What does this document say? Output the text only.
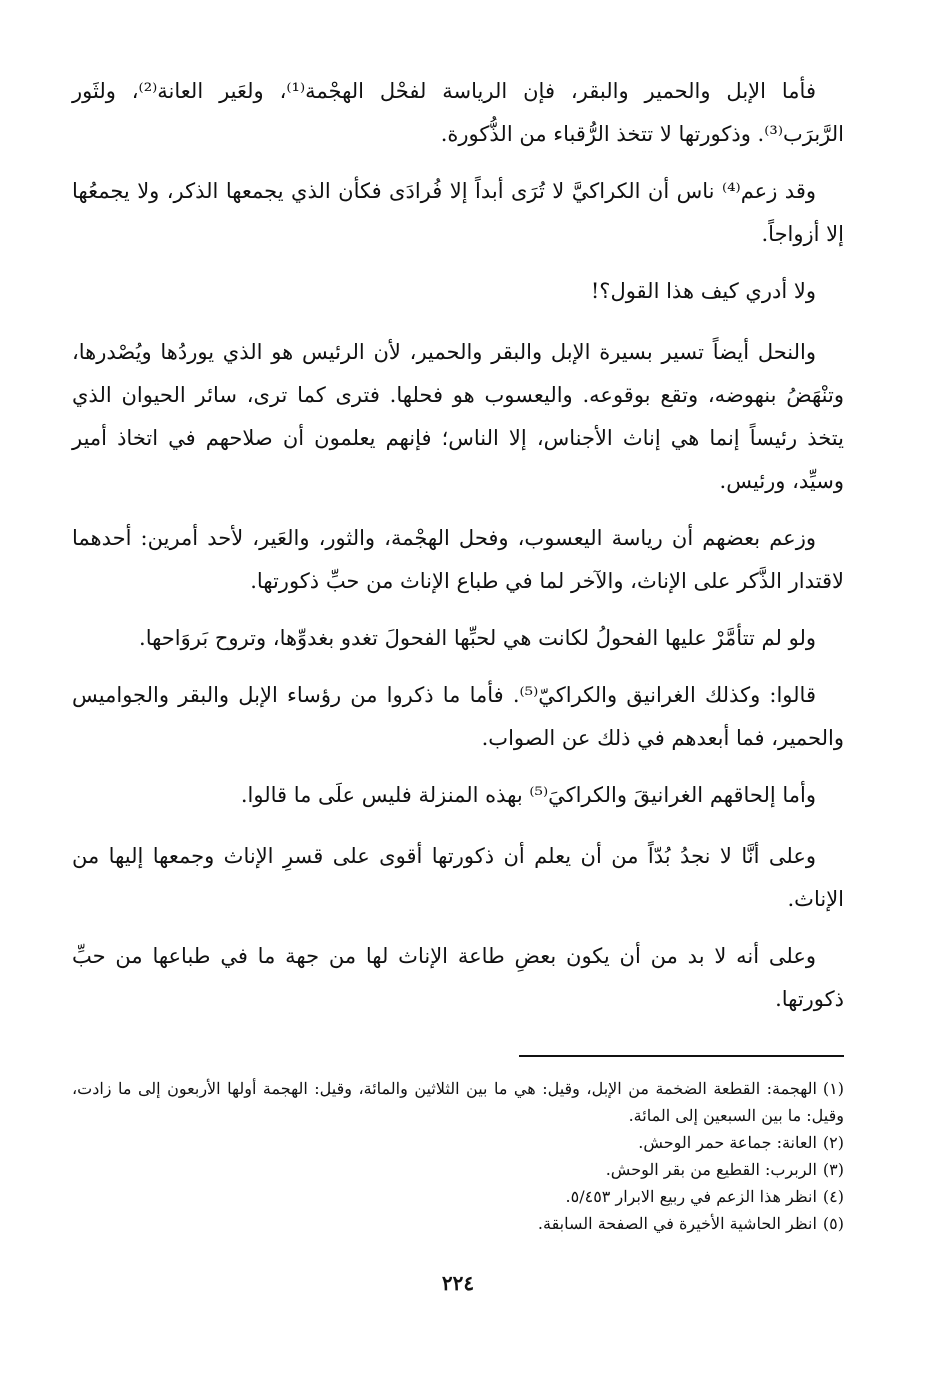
فأما الإبل والحمير والبقر، فإن الرياسة لفحْل الهجْمة⁽¹⁾، ولعَير العانة⁽²⁾، ولثَور الرَّبرَب⁽³⁾. وذكورتها لا تتخذ الرُّقباء من الذُّكورة.

وقد زعم⁽⁴⁾ ناس أن الكراكيَّ لا تُرَى أبداً إلا فُرادَى فكأن الذي يجمعها الذكر، ولا يجمعُها إلا أزواجاً.

ولا أدري كيف هذا القول؟!

والنحل أيضاً تسير بسيرة الإبل والبقر والحمير، لأن الرئيس هو الذي يوردُها ويُصْدرها، وتنْهَضُ بنهوضه، وتقع بوقوعه. واليعسوب هو فحلها. فترى كما ترى، سائر الحيوان الذي يتخذ رئيساً إنما هي إناث الأجناس، إلا الناس؛ فإنهم يعلمون أن صلاحهم في اتخاذ أمير وسيِّد، ورئيس.

وزعم بعضهم أن رياسة اليعسوب، وفحل الهجْمة، والثور، والعَير، لأحد أمرين: أحدهما لاقتدار الذَّكر على الإناث، والآخر لما في طباع الإناث من حبِّ ذكورتها.

ولو لم تتأمَّرْ عليها الفحولُ لكانت هي لحبِّها الفحولَ تغدو بغدوِّها، وتروح بَروَاحها.

قالوا: وكذلك الغرانيق والكراكيّ⁽⁵⁾. فأما ما ذكروا من رؤساء الإبل والبقر والجواميس والحمير، فما أبعدهم في ذلك عن الصواب.

وأما إلحاقهم الغرانيقَ والكراكيَ⁽⁵⁾ بهذه المنزلة فليس علَى ما قالوا.

وعلى أنَّا لا نجدُ بُدّاً من أن يعلم أن ذكورتها أقوى على قسرِ الإناث وجمعها إليها من الإناث.

وعلى أنه لا بد من أن يكون بعضِ طاعة الإناث لها من جهة ما في طباعها من حبِّ ذكورتها.

(١)الهجمة: القطعة الضخمة من الإبل، وقيل: هي ما بين الثلاثين والمائة، وقيل: الهجمة أولها الأربعون إلى ما زادت، وقيل: ما بين السبعين إلى المائة.

(٢)العانة: جماعة حمر الوحش.

(٣)الربرب: القطيع من بقر الوحش.

(٤)انظر هذا الزعم في ربيع الابرار ٥/٤٥٣.

(٥)انظر الحاشية الأخيرة في الصفحة السابقة.

٢٢٤
